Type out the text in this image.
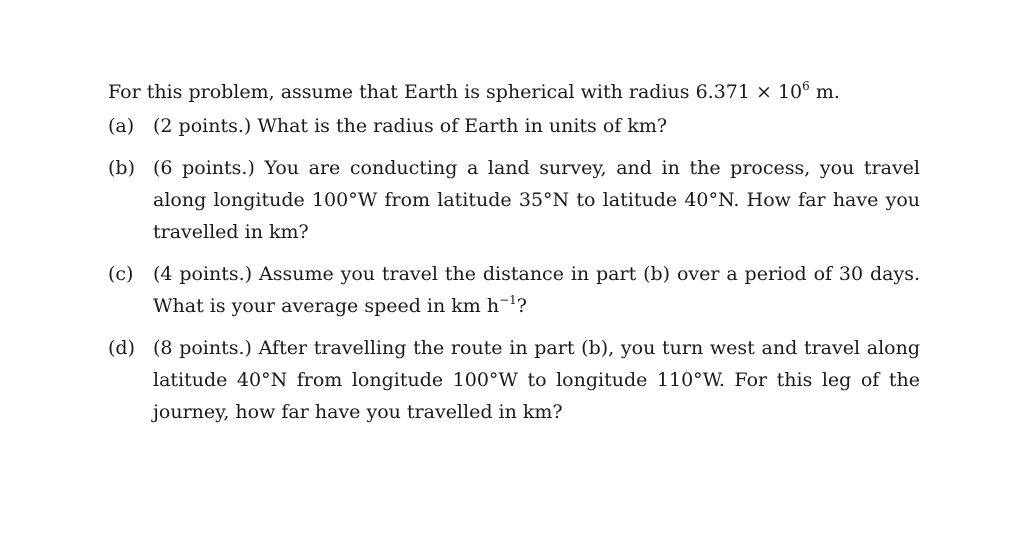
For this problem, assume that Earth is spherical with radius $6.371 \times 10^6$ m.

(a) (2 points.) What is the radius of Earth in units of km?
(b) (6 points.) You are conducting a land survey, and in the process, you travel along longitude 100°W from latitude 35°N to latitude 40°N. How far have you travelled in km?
(c) (4 points.) Assume you travel the distance in part (b) over a period of 30 days. What is your average speed in km $h^{-1}$?
(d) (8 points.) After travelling the route in part (b), you turn west and travel along latitude 40°N from longitude 100°W to longitude 110°W. For this leg of the journey, how far have you travelled in km?
